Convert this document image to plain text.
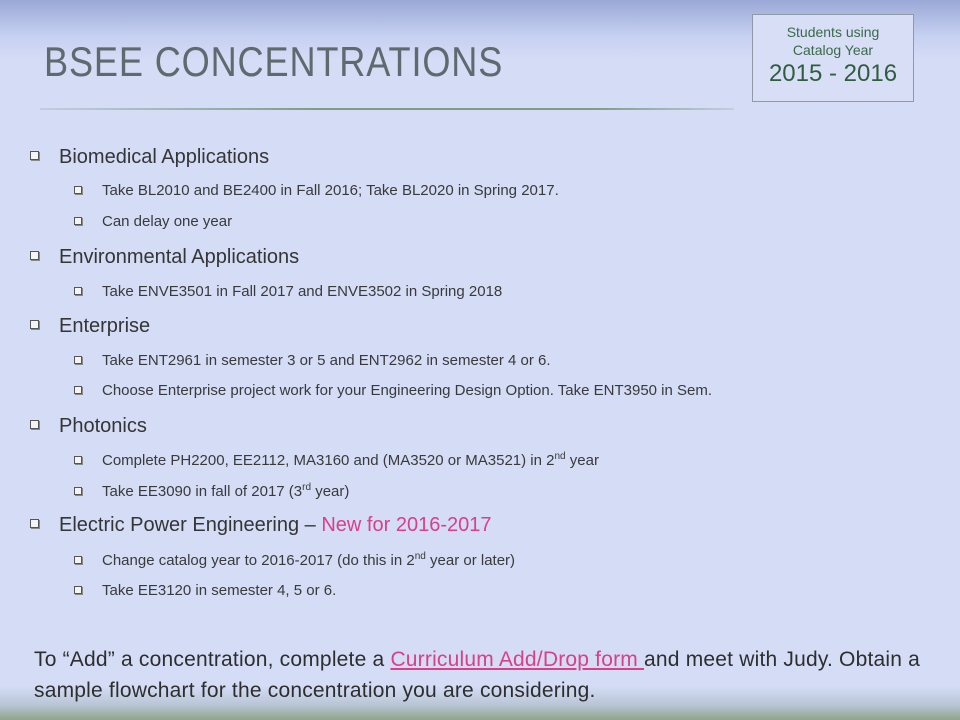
BSEE CONCENTRATIONS
Students using
Catalog Year
2015 - 2016
Biomedical Applications
Take BL2010 and BE2400 in Fall 2016; Take BL2020 in Spring 2017.
Can delay one year
Environmental Applications
Take ENVE3501 in Fall 2017 and ENVE3502 in Spring 2018
Enterprise
Take ENT2961 in semester 3 or 5 and ENT2962 in semester 4 or 6.
Choose Enterprise project work for your Engineering Design Option. Take ENT3950 in Sem.
Photonics
Complete PH2200, EE2112, MA3160 and (MA3520 or MA3521) in 2nd year
Take EE3090 in fall of 2017 (3rd year)
Electric Power Engineering – New for 2016-2017
Change catalog year to 2016-2017 (do this in 2nd year or later)
Take EE3120 in semester 4, 5 or 6.
To “Add” a concentration, complete a Curriculum Add/Drop form and meet with Judy. Obtain a sample flowchart for the concentration you are considering.
